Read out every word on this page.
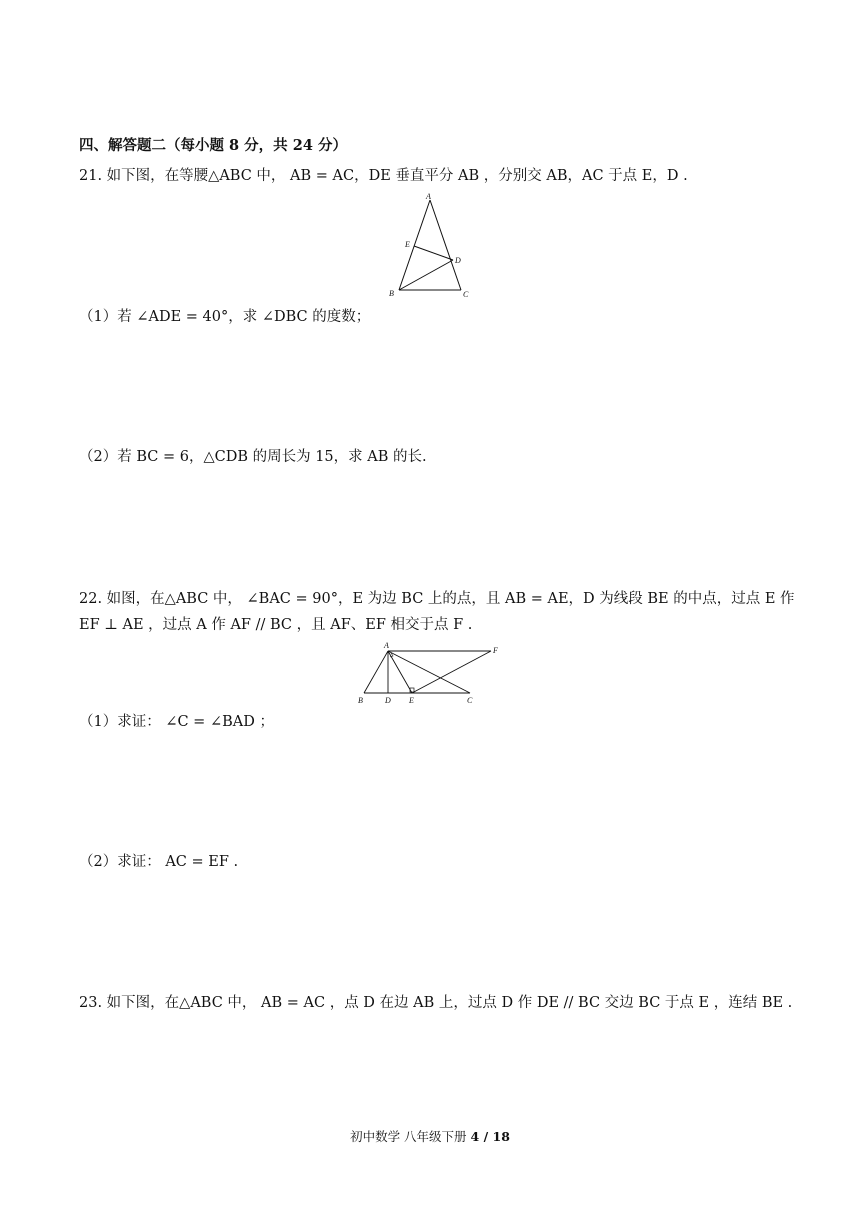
四、解答题二（每小题 8 分，共 24 分）
21. 如下图，在等腰△ABC 中， AB = AC，DE 垂直平分 AB ，分别交 AB，AC 于点 E，D .
A
E
D
B	C
（1）若 ∠ADE = 40°，求 ∠DBC 的度数；
（2）若 BC = 6，△CDB 的周长为 15，求 AB 的长.
22. 如图，在△ABC 中， ∠BAC = 90°，E 为边 BC 上的点，且 AB = AE，D 为线段 BE 的中点，过点 E 作
EF ⊥ AE ，过点 A 作 AF // BC ，且 AF、EF 相交于点 F .
A
F
B	D E	C
（1）求证： ∠C = ∠BAD ；
（2）求证： AC = EF .
23. 如下图，在△ABC 中， AB = AC ，点 D 在边 AB 上，过点 D 作 DE // BC 交边 BC 于点 E ，连结 BE .
初中数学 八年级下册 4 / 18
